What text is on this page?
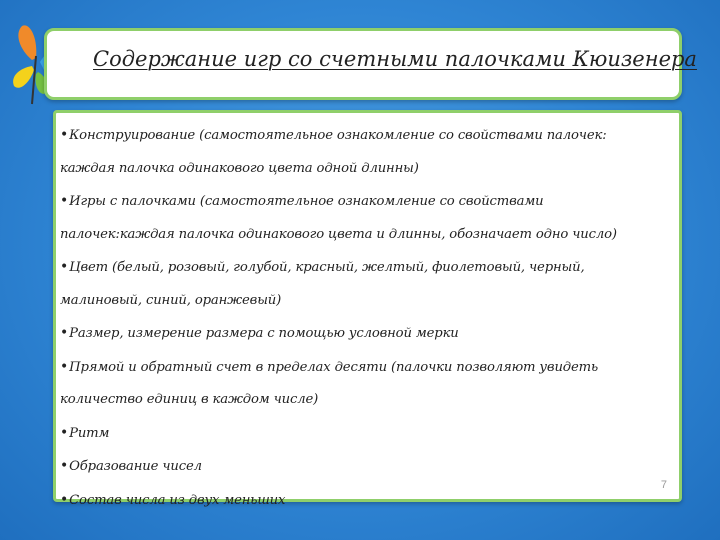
Содержание игр со счетными палочками Кюизенера
•Конструирование (самостоятельное ознакомление со свойствами палочек: каждая палочка одинакового цвета одной длинны)
•Игры с палочками (самостоятельное ознакомление со свойствами палочек:каждая палочка одинакового цвета и длинны, обозначает одно число)
•Цвет (белый, розовый, голубой, красный, желтый, фиолетовый, черный, малиновый, синий, оранжевый)
•Размер, измерение размера с помощью условной мерки
•Прямой и обратный счет в пределах десяти (палочки позволяют увидеть количество единиц в каждом числе)
•Ритм
•Образование чисел
•Состав числа из двух меньших
7
